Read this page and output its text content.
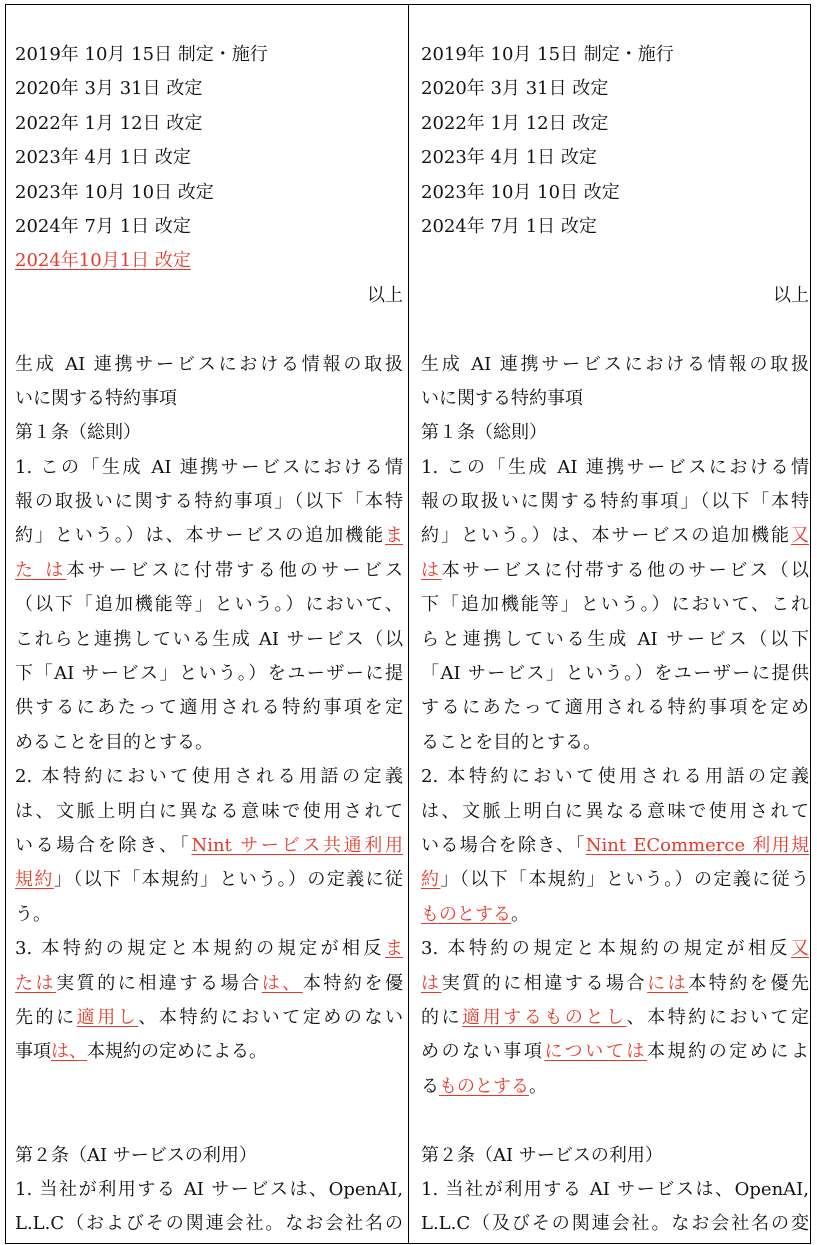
2019年 10月 15日 制定・施行
2020年 3月 31日 改定
2022年 1月 12日 改定
2023年 4月 1日 改定
2023年 10月 10日 改定
2024年 7月 1日 改定
2024年10月1日 改定
以上
生成 AI 連携サービスにおける情報の取扱
いに関する特約事項
第１条（総則）
1. この「生成 AI 連携サービスにおける情
報の取扱いに関する特約事項」（以下「本特
約」という。）は、本サービスの追加機能ま
た は本サービスに付帯する他のサービス
（以下「追加機能等」という。）において、
これらと連携している生成 AI サービス（以
下「AI サービス」という。）をユーザーに提
供するにあたって適用される特約事項を定
めることを目的とする。
2. 本特約において使用される用語の定義
は、文脈上明白に異なる意味で使用されて
いる場合を除き、「Nint サービス共通利用
規約」（以下「本規約」という。）の定義に従
う。
3. 本特約の規定と本規約の規定が相反ま
たは実質的に相違する場合は、本特約を優
先的に適用し、本特約において定めのない
事項は、本規約の定めによる。
第２条（AI サービスの利用）
1. 当社が利用する AI サービスは、OpenAI,
L.L.C（およびその関連会社。なお会社名の
2019年 10月 15日 制定・施行
2020年 3月 31日 改定
2022年 1月 12日 改定
2023年 4月 1日 改定
2023年 10月 10日 改定
2024年 7月 1日 改定
以上
生成 AI 連携サービスにおける情報の取扱
いに関する特約事項
第１条（総則）
1. この「生成 AI 連携サービスにおける情
報の取扱いに関する特約事項」（以下「本特
約」という。）は、本サービスの追加機能又
は本サービスに付帯する他のサービス（以
下「追加機能等」という。）において、これ
らと連携している生成 AI サービス（以下
「AI サービス」という。）をユーザーに提供
するにあたって適用される特約事項を定め
ることを目的とする。
2. 本特約において使用される用語の定義
は、文脈上明白に異なる意味で使用されて
いる場合を除き、「Nint ECommerce 利用規
約」（以下「本規約」という。）の定義に従う
ものとする。
3. 本特約の規定と本規約の規定が相反又
は実質的に相違する場合には本特約を優先
的に適用するものとし、本特約において定
めのない事項については本規約の定めによ
るものとする。
第２条（AI サービスの利用）
1. 当社が利用する AI サービスは、OpenAI,
L.L.C（及びその関連会社。なお会社名の変
